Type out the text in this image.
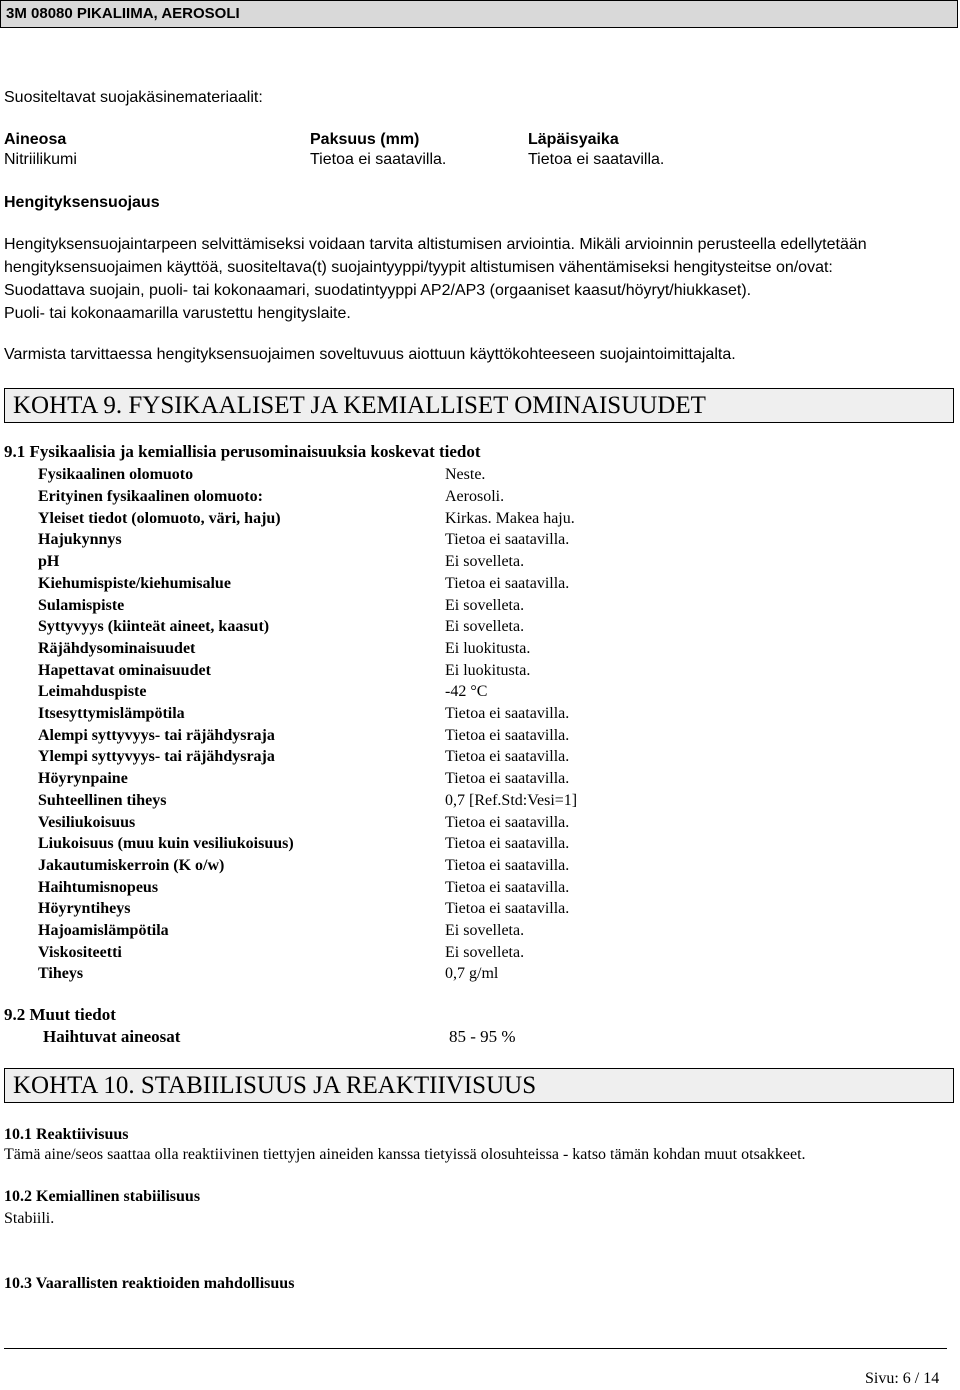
3M 08080 PIKALIIMA, AEROSOLI
Suositeltavat suojakäsinemateriaalit:
Aineosa	Paksuus (mm)	Läpäisyaika
Nitriilikumi	Tietoa ei saatavilla.	Tietoa ei saatavilla.
Hengityksensuojaus
Hengityksensuojaintarpeen selvittämiseksi voidaan tarvita altistumisen arviointia. Mikäli arvioinnin perusteella edellytetään
hengityksensuojaimen käyttöä, suositeltava(t) suojaintyyppi/tyypit altistumisen vähentämiseksi hengitysteitse on/ovat:
Suodattava suojain, puoli- tai kokonaamari, suodatintyyppi AP2/AP3 (orgaaniset kaasut/höyryt/hiukkaset).
Puoli- tai kokonaamarilla varustettu hengityslaite.
Varmista tarvittaessa hengityksensuojaimen soveltuvuus aiottuun käyttökohteeseen suojaintoimittajalta.
KOHTA 9. FYSIKAALISET JA KEMIALLISET OMINAISUUDET
9.1 Fysikaalisia ja kemiallisia perusominaisuuksia koskevat tiedot
Fysikaalinen olomuoto	Neste.
Erityinen fysikaalinen olomuoto:	Aerosoli.
Yleiset tiedot (olomuoto, väri, haju)	Kirkas. Makea haju.
Hajukynnys	Tietoa ei saatavilla.
pH	Ei sovelleta.
Kiehumispiste/kiehumisalue	Tietoa ei saatavilla.
Sulamispiste	Ei sovelleta.
Syttyvyys (kiinteät aineet, kaasut)	Ei sovelleta.
Räjähdysominaisuudet	Ei luokitusta.
Hapettavat ominaisuudet	Ei luokitusta.
Leimahduspiste	-42 °C
Itsesyttymislämpötila	Tietoa ei saatavilla.
Alempi syttyvyys- tai räjähdysraja	Tietoa ei saatavilla.
Ylempi syttyvyys- tai räjähdysraja	Tietoa ei saatavilla.
Höyrynpaine	Tietoa ei saatavilla.
Suhteellinen tiheys	0,7 [Ref.Std:Vesi=1]
Vesiliukoisuus	Tietoa ei saatavilla.
Liukoisuus (muu kuin vesiliukoisuus)	Tietoa ei saatavilla.
Jakautumiskerroin (K o/w)	Tietoa ei saatavilla.
Haihtumisnopeus	Tietoa ei saatavilla.
Höyryntiheys	Tietoa ei saatavilla.
Hajoamislämpötila	Ei sovelleta.
Viskositeetti	Ei sovelleta.
Tiheys	0,7 g/ml
9.2 Muut tiedot
Haihtuvat aineosat	85 - 95 %
KOHTA 10. STABIILISUUS JA REAKTIIVISUUS
10.1 Reaktiivisuus
Tämä aine/seos saattaa olla reaktiivinen tiettyjen aineiden kanssa tietyissä olosuhteissa - katso tämän kohdan muut otsakkeet.
10.2 Kemiallinen stabiilisuus
Stabiili.
10.3 Vaarallisten reaktioiden mahdollisuus
Sivu: 6 / 14
